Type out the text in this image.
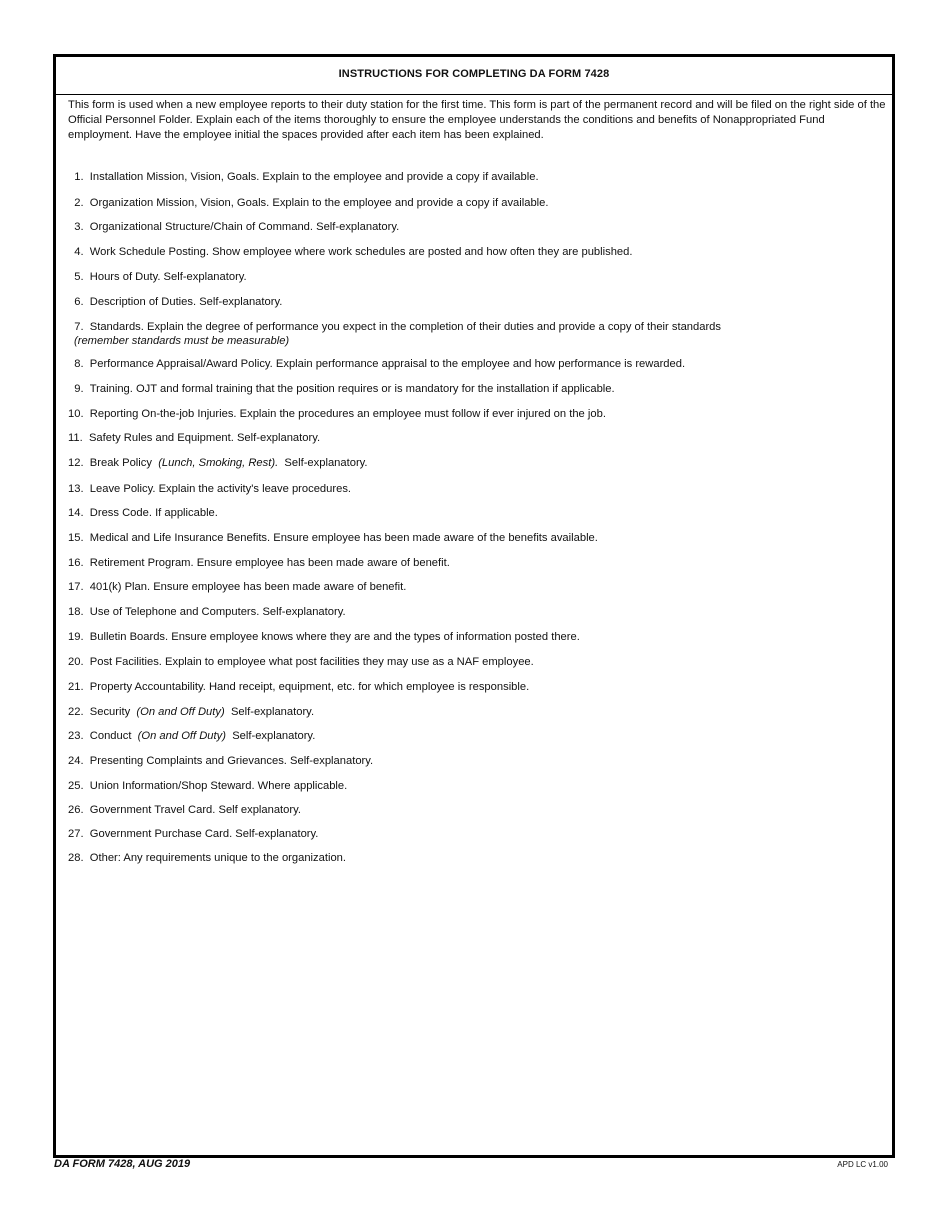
INSTRUCTIONS FOR COMPLETING DA FORM 7428
This form is used when a new employee reports to their duty station for the first time. This form is part of the permanent record and will be filed on the right side of the Official Personnel Folder. Explain each of the items thoroughly to ensure the employee understands the conditions and benefits of Nonappropriated Fund employment. Have the employee initial the spaces provided after each item has been explained.
1. Installation Mission, Vision, Goals. Explain to the employee and provide a copy if available.
2. Organization Mission, Vision, Goals. Explain to the employee and provide a copy if available.
3. Organizational Structure/Chain of Command. Self-explanatory.
4. Work Schedule Posting. Show employee where work schedules are posted and how often they are published.
5. Hours of Duty. Self-explanatory.
6. Description of Duties. Self-explanatory.
7. Standards. Explain the degree of performance you expect in the completion of their duties and provide a copy of their standards
(remember standards must be measurable)
8. Performance Appraisal/Award Policy. Explain performance appraisal to the employee and how performance is rewarded.
9. Training. OJT and formal training that the position requires or is mandatory for the installation if applicable.
10. Reporting On-the-job Injuries. Explain the procedures an employee must follow if ever injured on the job.
11. Safety Rules and Equipment. Self-explanatory.
12. Break Policy (Lunch, Smoking, Rest). Self-explanatory.
13. Leave Policy. Explain the activity's leave procedures.
14. Dress Code. If applicable.
15. Medical and Life Insurance Benefits. Ensure employee has been made aware of the benefits available.
16. Retirement Program. Ensure employee has been made aware of benefit.
17. 401(k) Plan. Ensure employee has been made aware of benefit.
18. Use of Telephone and Computers. Self-explanatory.
19. Bulletin Boards. Ensure employee knows where they are and the types of information posted there.
20. Post Facilities. Explain to employee what post facilities they may use as a NAF employee.
21. Property Accountability. Hand receipt, equipment, etc. for which employee is responsible.
22. Security (On and Off Duty) Self-explanatory.
23. Conduct (On and Off Duty) Self-explanatory.
24. Presenting Complaints and Grievances. Self-explanatory.
25. Union Information/Shop Steward. Where applicable.
26. Government Travel Card. Self explanatory.
27. Government Purchase Card. Self-explanatory.
28. Other: Any requirements unique to the organization.
DA FORM 7428, AUG 2019	APD LC v1.00
